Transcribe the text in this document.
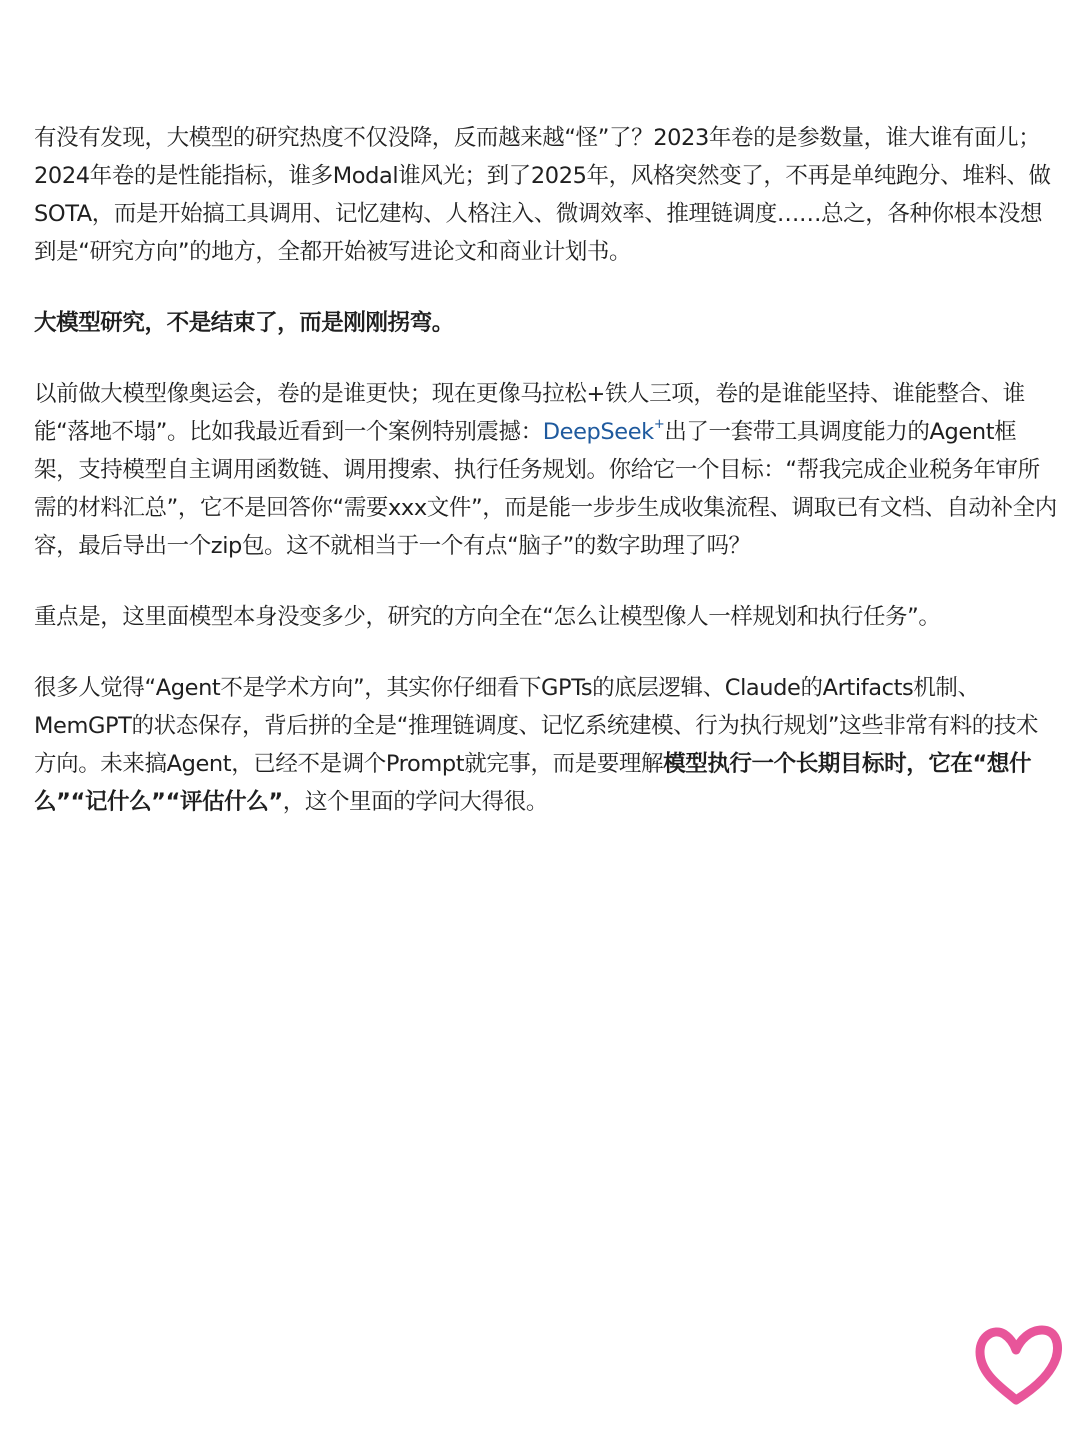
有没有发现，大模型的研究热度不仅没降，反而越来越“怪”了？2023年卷的是参数量，谁大谁有面儿；2024年卷的是性能指标，谁多Modal谁风光；到了2025年，风格突然变了，不再是单纯跑分、堆料、做SOTA，而是开始搞工具调用、记忆建构、人格注入、微调效率、推理链调度……总之，各种你根本没想到是“研究方向”的地方，全都开始被写进论文和商业计划书。

大模型研究，不是结束了，而是刚刚拐弯。

以前做大模型像奥运会，卷的是谁更快；现在更像马拉松+铁人三项，卷的是谁能坚持、谁能整合、谁能“落地不塌”。比如我最近看到一个案例特别震撼：DeepSeek+出了一套带工具调度能力的Agent框架，支持模型自主调用函数链、调用搜索、执行任务规划。你给它一个目标：“帮我完成企业税务年审所需的材料汇总”，它不是回答你“需要xxx文件”，而是能一步步生成收集流程、调取已有文档、自动补全内容，最后导出一个zip包。这不就相当于一个有点“脑子”的数字助理了吗？

重点是，这里面模型本身没变多少，研究的方向全在“怎么让模型像人一样规划和执行任务”。

很多人觉得“Agent不是学术方向”，其实你仔细看下GPTs的底层逻辑、Claude的Artifacts机制、MemGPT的状态保存，背后拼的全是“推理链调度、记忆系统建模、行为执行规划”这些非常有料的技术方向。未来搞Agent，已经不是调个Prompt就完事，而是要理解模型执行一个长期目标时，它在“想什么”“记什么”“评估什么”，这个里面的学问大得很。
